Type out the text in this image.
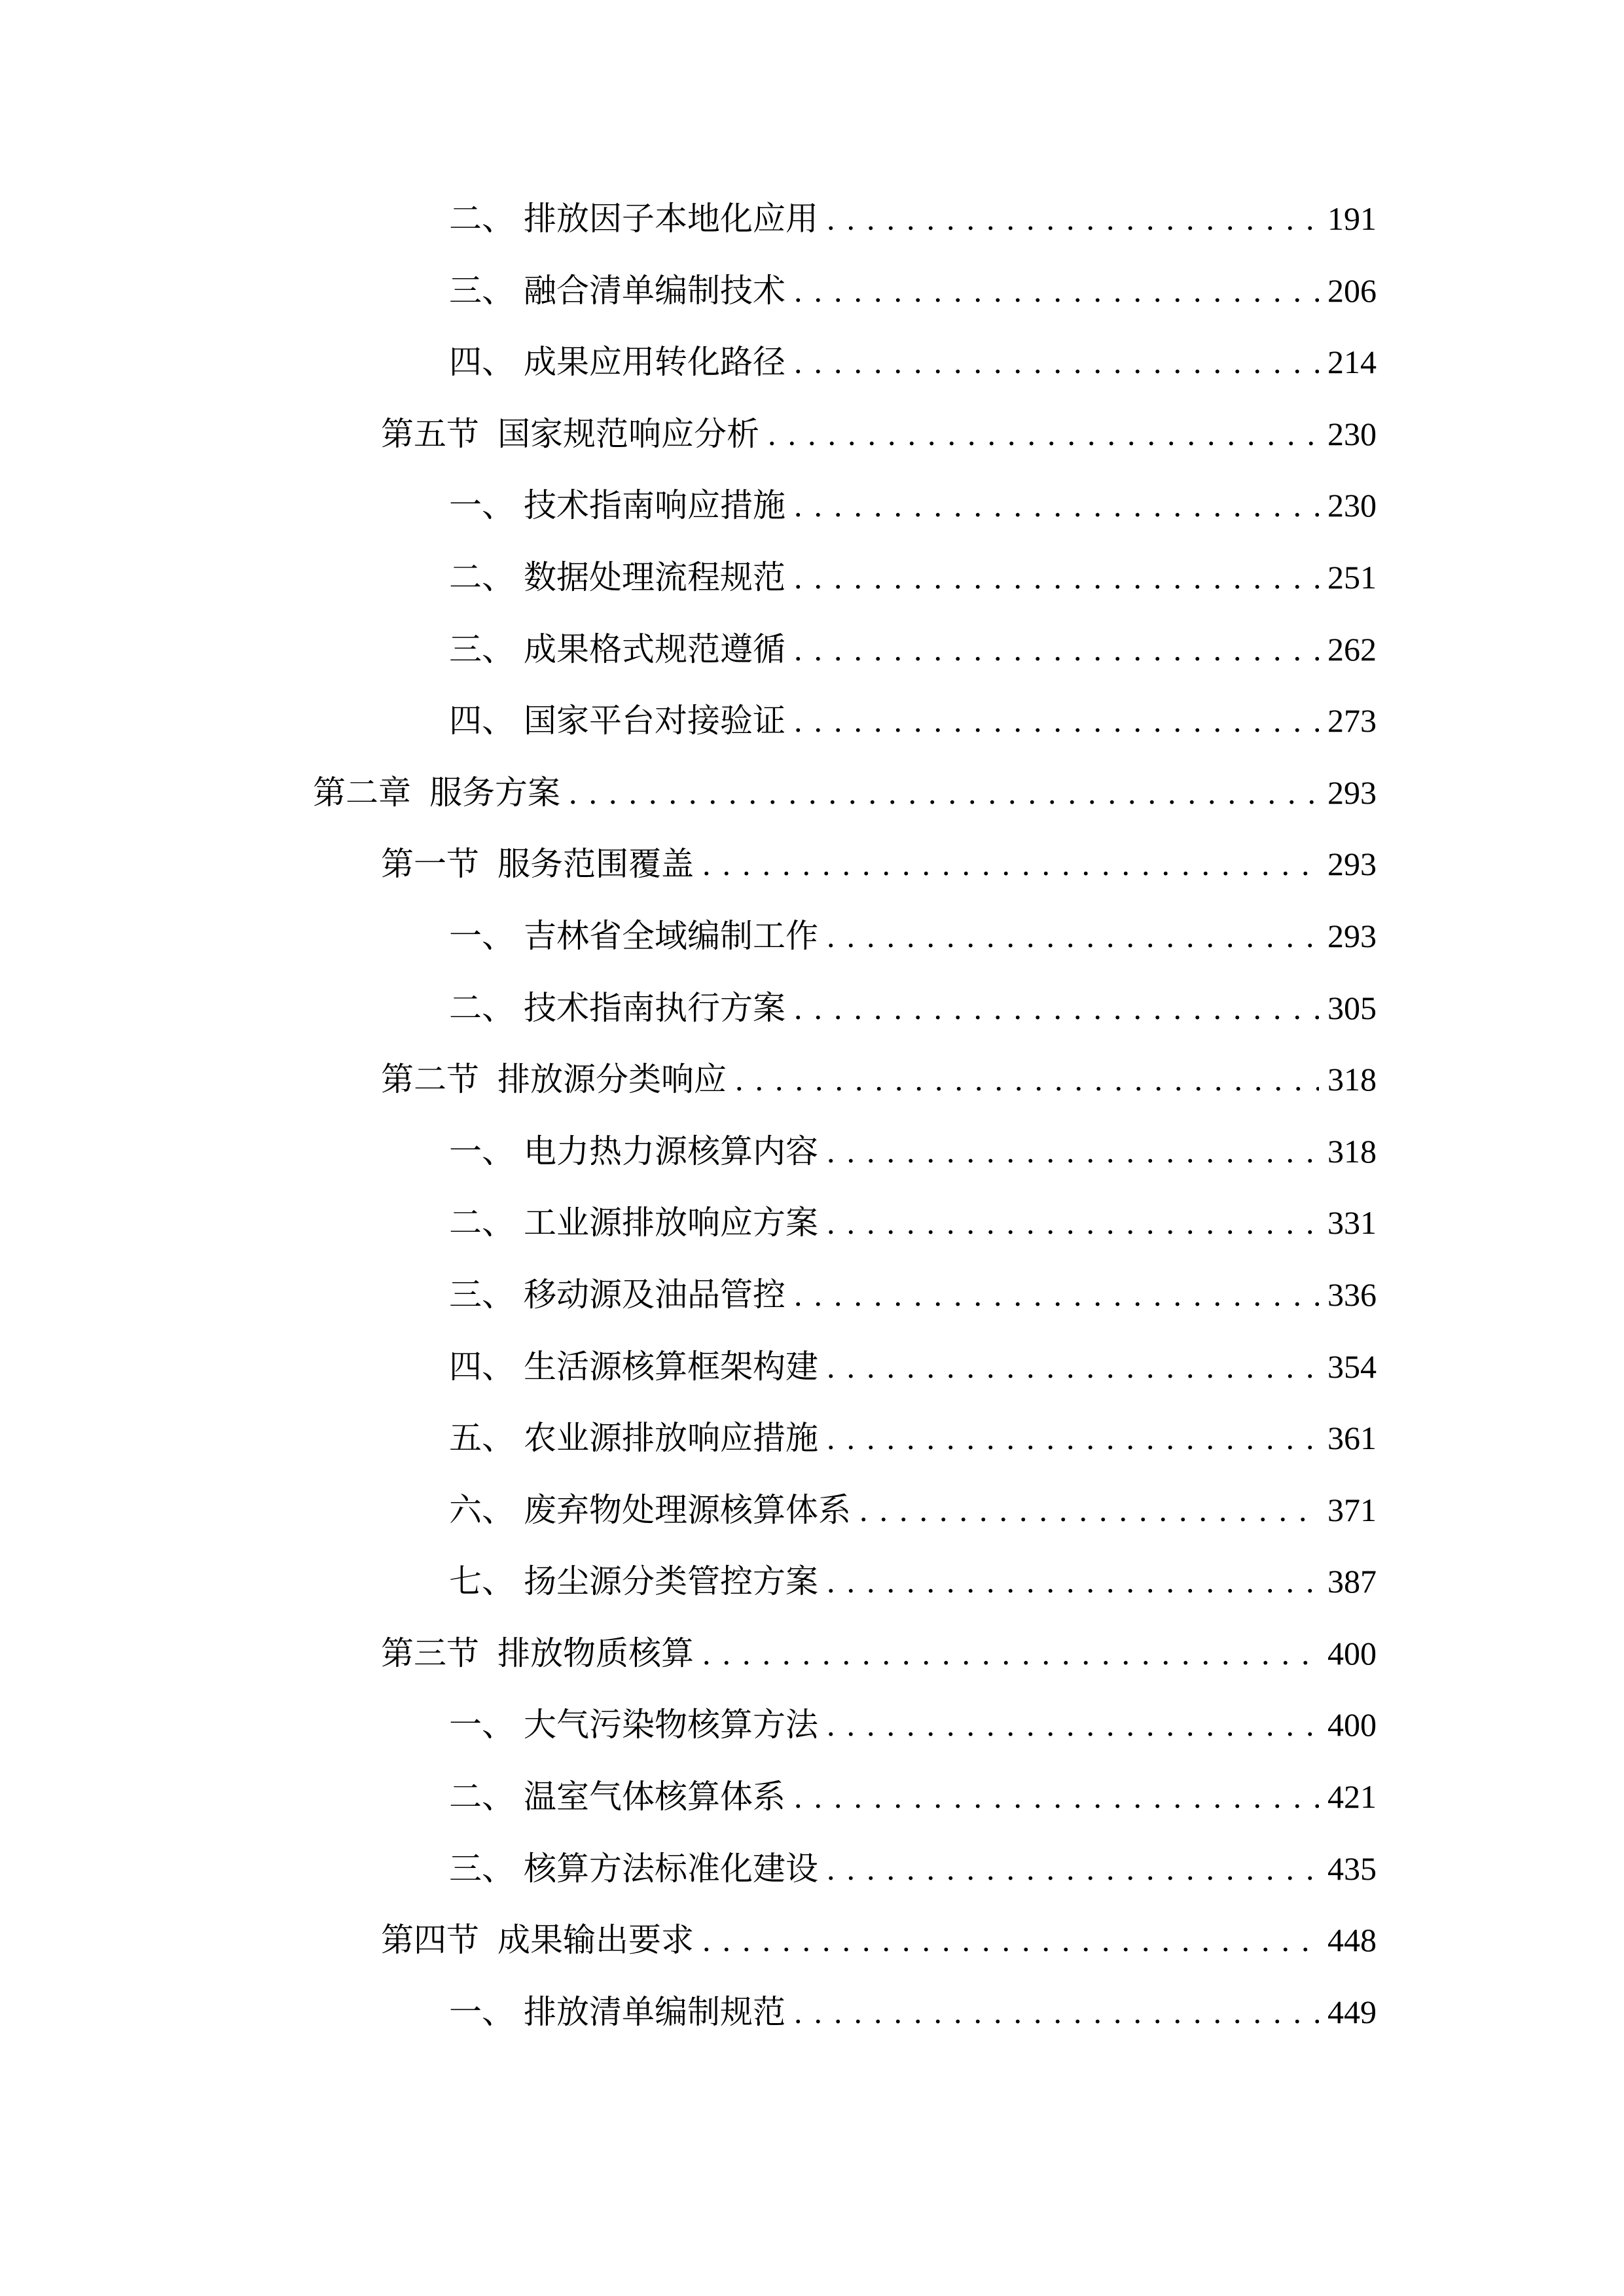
二、 排放因子本地化应用 .....	191
三、 融合清单编制技术 .....	206
四、 成果应用转化路径 .....	214
第五节 国家规范响应分析 .....	230
一、 技术指南响应措施 .....	230
二、 数据处理流程规范 .....	251
三、 成果格式规范遵循 .....	262
四、 国家平台对接验证 .....	273
第二章 服务方案 .....	293
第一节 服务范围覆盖 .....	293
一、 吉林省全域编制工作 .....	293
二、 技术指南执行方案 .....	305
第二节 排放源分类响应 .....	318
一、 电力热力源核算内容 .....	318
二、 工业源排放响应方案 .....	331
三、 移动源及油品管控 .....	336
四、 生活源核算框架构建 .....	354
五、 农业源排放响应措施 .....	361
六、 废弃物处理源核算体系 .....	371
七、 扬尘源分类管控方案 .....	387
第三节 排放物质核算 .....	400
一、 大气污染物核算方法 .....	400
二、 温室气体核算体系 .....	421
三、 核算方法标准化建设 .....	435
第四节 成果输出要求 .....	448
一、 排放清单编制规范 .....	449
